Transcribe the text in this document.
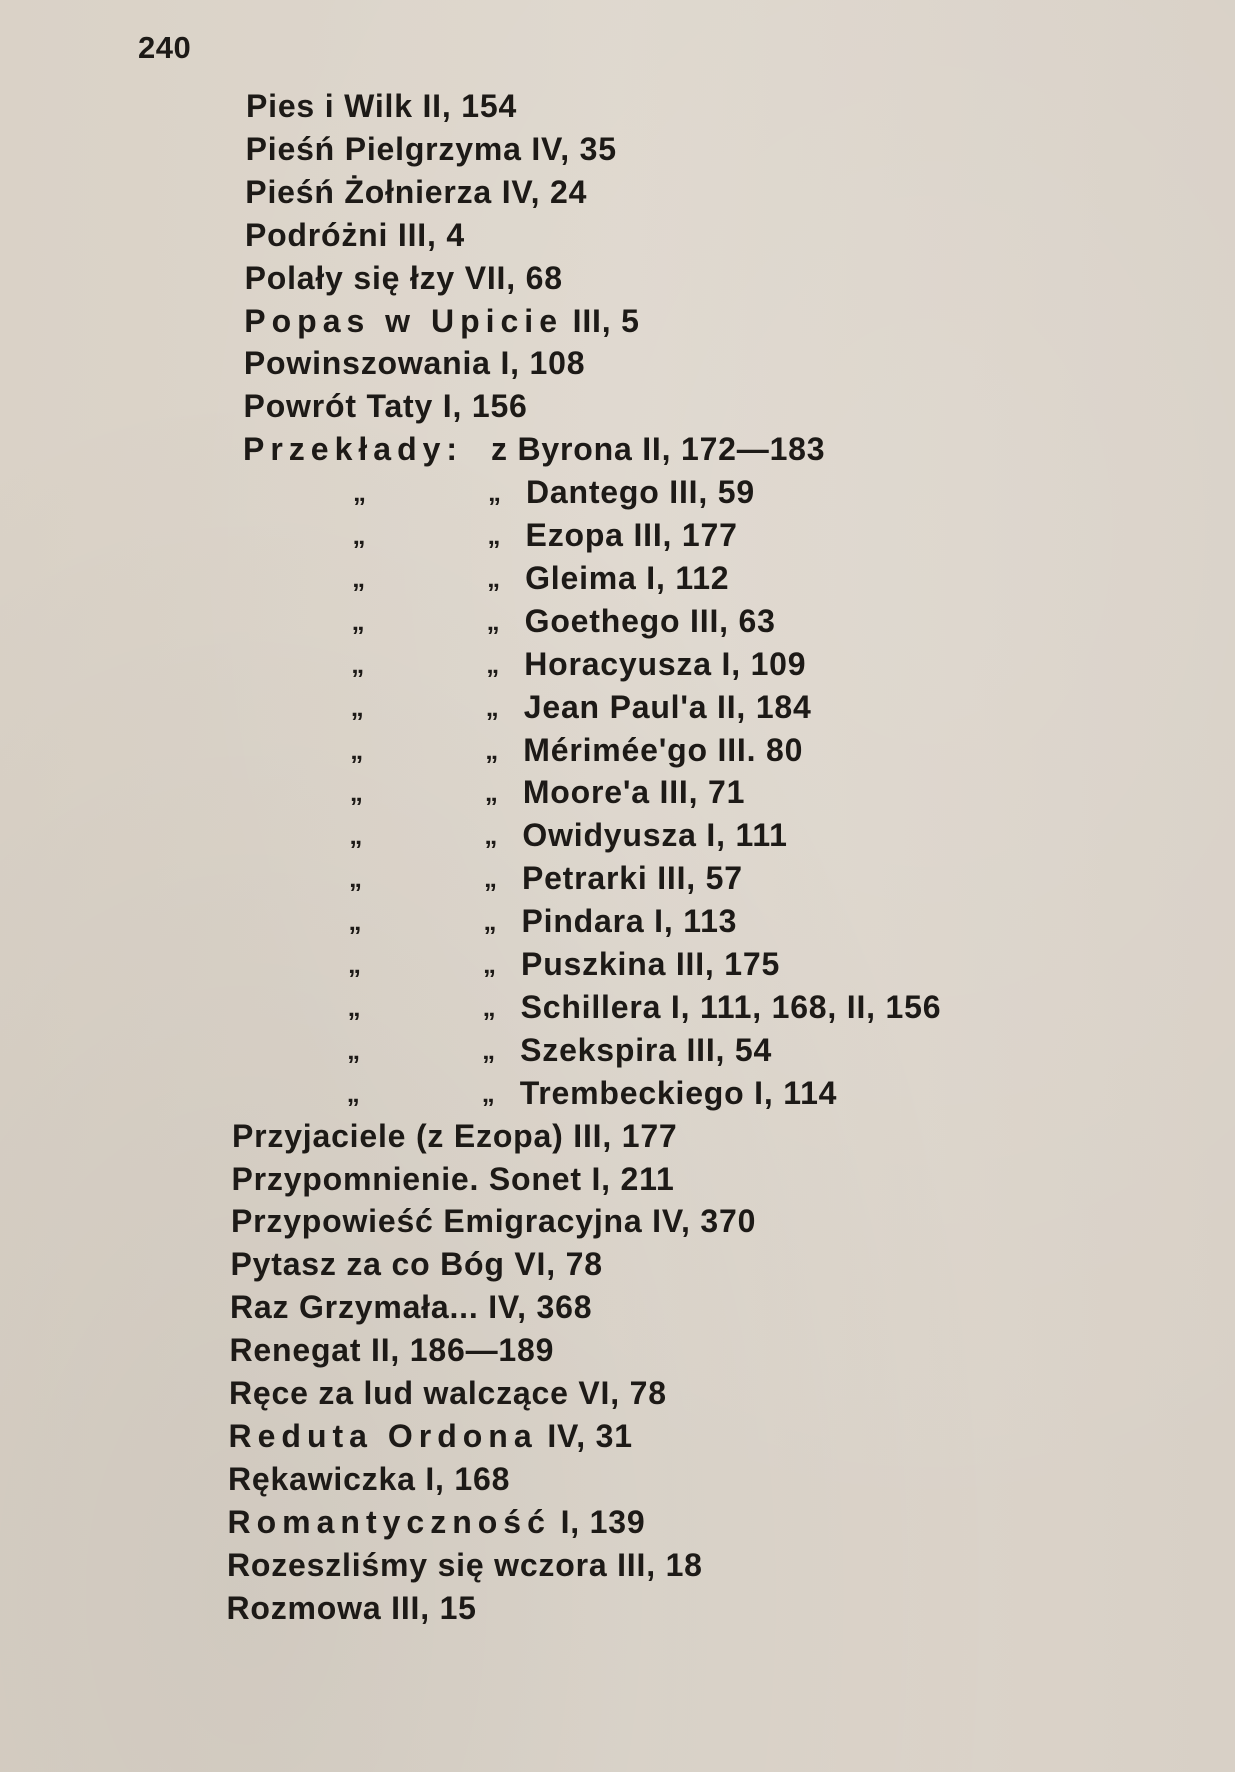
240
Pies i Wilk II, 154
Pieśń Pielgrzyma IV, 35
Pieśń Żołnierza IV, 24
Podróżni III, 4
Polały się łzy VII, 68
Popas w Upicie III, 5
Powinszowania I, 108
Powrót Taty I, 156
Przekłady: z Byrona II, 172—183
„	„ Dantego III, 59
„	„ Ezopa III, 177
„	„ Gleima I, 112
„	„ Goethego III, 63
„	„ Horacyusza I, 109
„	„ Jean Paul'a II, 184
„	„ Mérimée'go III. 80
„	„ Moore'a III, 71
„	„ Owidyusza I, 111
„	„ Petrarki III, 57
„	„ Pindara I, 113
„	„ Puszkina III, 175
„	„ Schillera I, 111, 168, II, 156
„	„ Szekspira III, 54
„	„ Trembeckiego I, 114
Przyjaciele (z Ezopa) III, 177
Przypomnienie. Sonet I, 211
Przypowieść Emigracyjna IV, 370
Pytasz za co Bóg VI, 78
Raz Grzymała... IV, 368
Renegat II, 186—189
Ręce za lud walczące VI, 78
Reduta Ordona IV, 31
Rękawiczka I, 168
Romantyczność I, 139
Rozeszliśmy się wczora III, 18
Rozmowa III, 15
